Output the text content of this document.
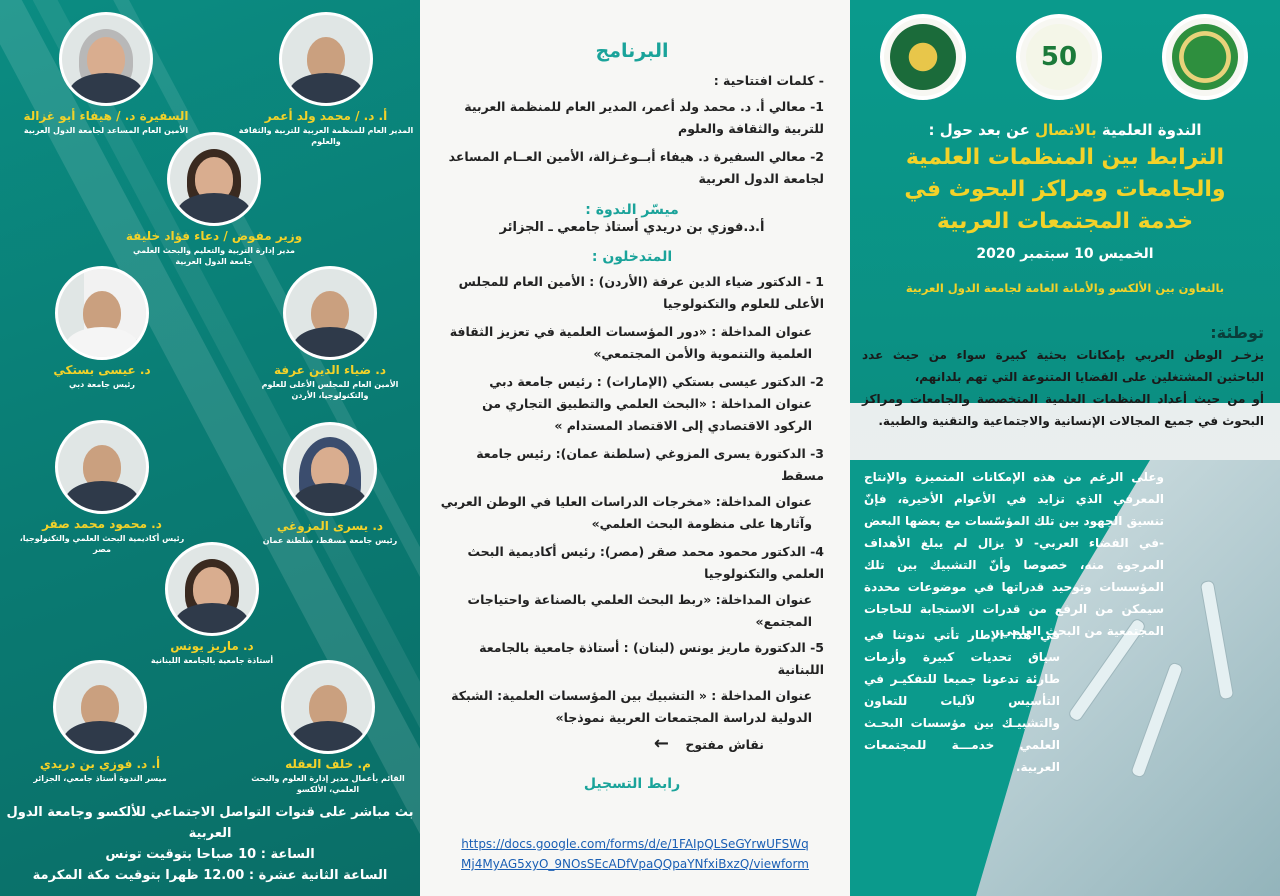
أ. د. / محمد ولد أعمر
المدير العام للمنظمة العربية للتربية والثقافة والعلوم
السفيرة د. / هيفاء أبو غزالة
الأمين العام المساعد لجامعة الدول العربية
وزير مفوض / دعاء فؤاد خليفة
مدير إدارة التربية والتعليم والبحث العلمي جامعة الدول العربية
د. ضياء الدين عرفة
الأمين العام للمجلس الأعلى للعلوم والتكنولوجيا، الأردن
د. عيسى بستكي
رئيس جامعة دبي
د. يسرى المزوغي
رئيس جامعة مسقط، سلطنة عمان
د. محمود محمد صقر
رئيس أكاديمية البحث العلمي والتكنولوجيا، مصر
د. ماريز يونس
أستاذة جامعية بالجامعة اللبنانية
م. خلف العقله
القائم بأعمال مدير إدارة العلوم والبحث العلمي، الألكسو
أ. د. فوزي بن دريدي
ميسر الندوة أستاذ جامعي، الجزائر
بث مباشر على قنوات التواصل الاجتماعي للألكسو وجامعة الدول العربية
الساعة : 10 صباحا بتوقيت تونس
الساعة الثانية عشرة : 12.00 ظهرا بتوقيت مكة المكرمة
البرنامج
- كلمات افتتاحية :
1- معالي أ. د. محمد ولد أعمر، المدير العام للمنظمة العربية للتربية والثقافة والعلوم
2- معالي السفيرة د. هيفاء أبــوغـزالة، الأمين العــام المساعد لجامعة الدول العربية
ميسّر الندوة :
أ.د.فوزي بن دريدي أستاذ جامعي ـ الجزائر
المتدخلون :
1 - الدكتور ضياء الدين عرفة (الأردن) : الأمين العام للمجلس الأعلى للعلوم والتكنولوجيا
عنوان المداخلة : «دور المؤسسات العلمية في تعزيز الثقافة العلمية والتنموية والأمن المجتمعي»
2- الدكتور عيسى بستكي (الإمارات) : رئيس جامعة دبي
عنوان المداخلة : «البحث العلمي والتطبيق التجاري من الركود الاقتصادي إلى الاقتصاد المستدام »
3- الدكتورة يسرى المزوغي (سلطنة عمان): رئيس جامعة مسقط
عنوان المداخلة: «مخرجات الدراسات العليا في الوطن العربي وآثارها على منظومة البحث العلمي»
4- الدكتور محمود محمد صقر (مصر): رئيس أكاديمية البحث العلمي والتكنولوجيا
عنوان المداخلة: «ربط البحث العلمي بالصناعة واحتياجات المجتمع»
5- الدكتورة ماريز يونس (لبنان) : أستاذة جامعية بالجامعة اللبنانية
عنوان المداخلة : « التشبيك بين المؤسسات العلمية: الشبكة الدولية لدراسة المجتمعات العربية نموذجا»
نقاش مفتوح ←
رابط التسجيل
https://docs.google.com/forms/d/e/1FAIpQLSeGYrwUFSWq
Mj4MyAG5xyO_9NOsSEcADfVpaQQpaYNfxiBxzQ/viewform
50
الندوة العلمية بالاتصال عن بعد حول :
الترابط بين المنظمات العلمية
والجامعات ومراكز البحوث في
خدمة المجتمعات العربية
الخميس 10 سبتمبر 2020
بالتعاون بين الألكسو والأمانة العامة لجامعة الدول العربية
توطئة:
يزخـر الوطن العربي بإمكانات بحثية كبيرة سواء من حيث عدد الباحثين المشتغلين على القضايا المتنوعة التي تهم بلدانهم،
أو من حيث أعداد المنظمات العلمية المتخصصة والجامعات ومراكز البحوث في جميع المجالات الإنسانية والاجتماعية والتقنية والطبية.
وعلى الرغم من هذه الإمكانات المتميزة والإنتاج المعرفي الذي تزايد في الأعوام الأخيرة، فإنّ تنسيق الجهود بين تلك المؤسّسات مع بعضها البعض -في الفضاء العربي- لا يزال لم يبلغ الأهداف المرجوة منه، خصوصا وأنّ التشبيك بين تلك المؤسسات وتوحيد قدراتها في موضوعات محددة سيمكن من الرفع من قدرات الاستجابة للحاجات المجتمعية من البحث العلمي.
في هذا الإطار تأتي ندوتنا في سياق تحديات كبيرة وأزمات طارئة تدعونا جميعا للتفكيـر في التأسيس لآليات للتعاون والتشبيـك بين مؤسسات البحـث العلمي خدمـــة للمجتمعات العربية.
